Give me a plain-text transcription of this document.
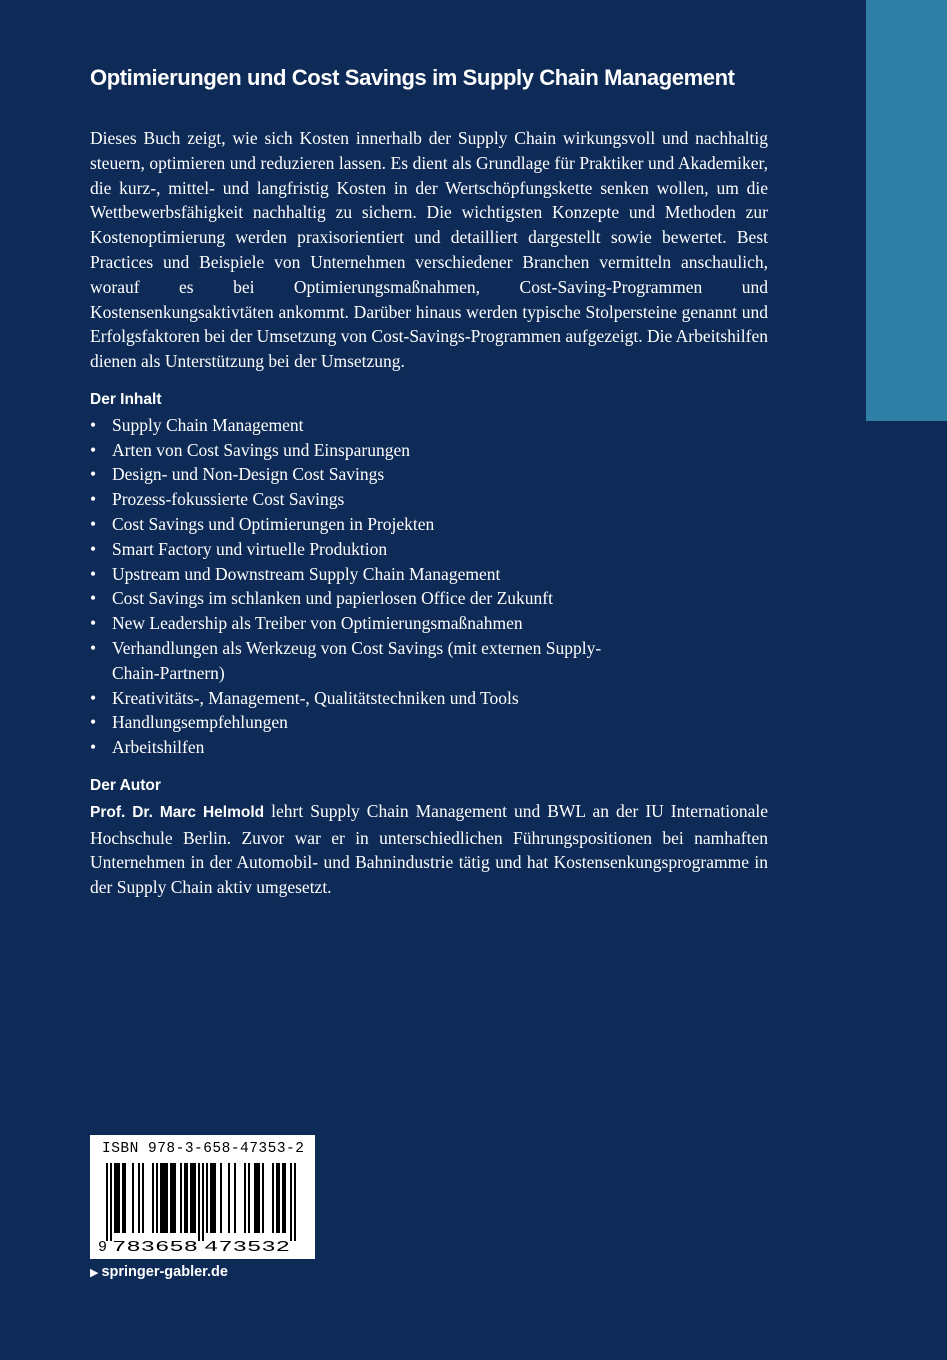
Optimierungen und Cost Savings im Supply Chain Management

Dieses Buch zeigt, wie sich Kosten innerhalb der Supply Chain wirkungsvoll und nachhaltig steuern, optimieren und reduzieren lassen. Es dient als Grundlage für Praktiker und Akademiker, die kurz-, mittel- und langfristig Kosten in der Wertschöpfungskette senken wollen, um die Wettbewerbsfähigkeit nachhaltig zu sichern. Die wichtigsten Konzepte und Methoden zur Kostenoptimierung werden praxisorientiert und detailliert dargestellt sowie bewertet. Best Practices und Beispiele von Unternehmen verschiedener Branchen vermitteln anschaulich, worauf es bei Optimierungsmaßnahmen, Cost-Saving-Programmen und Kostensenkungsaktivtäten ankommt. Darüber hinaus werden typische Stolpersteine genannt und Erfolgsfaktoren bei der Umsetzung von Cost-Savings-Programmen aufgezeigt. Die Arbeitshilfen dienen als Unterstützung bei der Umsetzung.

Der Inhalt
• Supply Chain Management
• Arten von Cost Savings und Einsparungen
• Design- und Non-Design Cost Savings
• Prozess-fokussierte Cost Savings
• Cost Savings und Optimierungen in Projekten
• Smart Factory und virtuelle Produktion
• Upstream und Downstream Supply Chain Management
• Cost Savings im schlanken und papierlosen Office der Zukunft
• New Leadership als Treiber von Optimierungsmaßnahmen
• Verhandlungen als Werkzeug von Cost Savings (mit externen Supply-Chain-Partnern)
• Kreativitäts-, Management-, Qualitätstechniken und Tools
• Handlungsempfehlungen
• Arbeitshilfen
Der Autor

Prof. Dr. Marc Helmold lehrt Supply Chain Management und BWL an der IU Internationale Hochschule Berlin. Zuvor war er in unterschiedlichen Führungspositionen bei namhaften Unternehmen in der Automobil- und Bahnindustrie tätig und hat Kostensenkungsprogramme in der Supply Chain aktiv umgesetzt.

ISBN 978-3-658-47353-2
9 783658 473532
▶ springer-gabler.de
